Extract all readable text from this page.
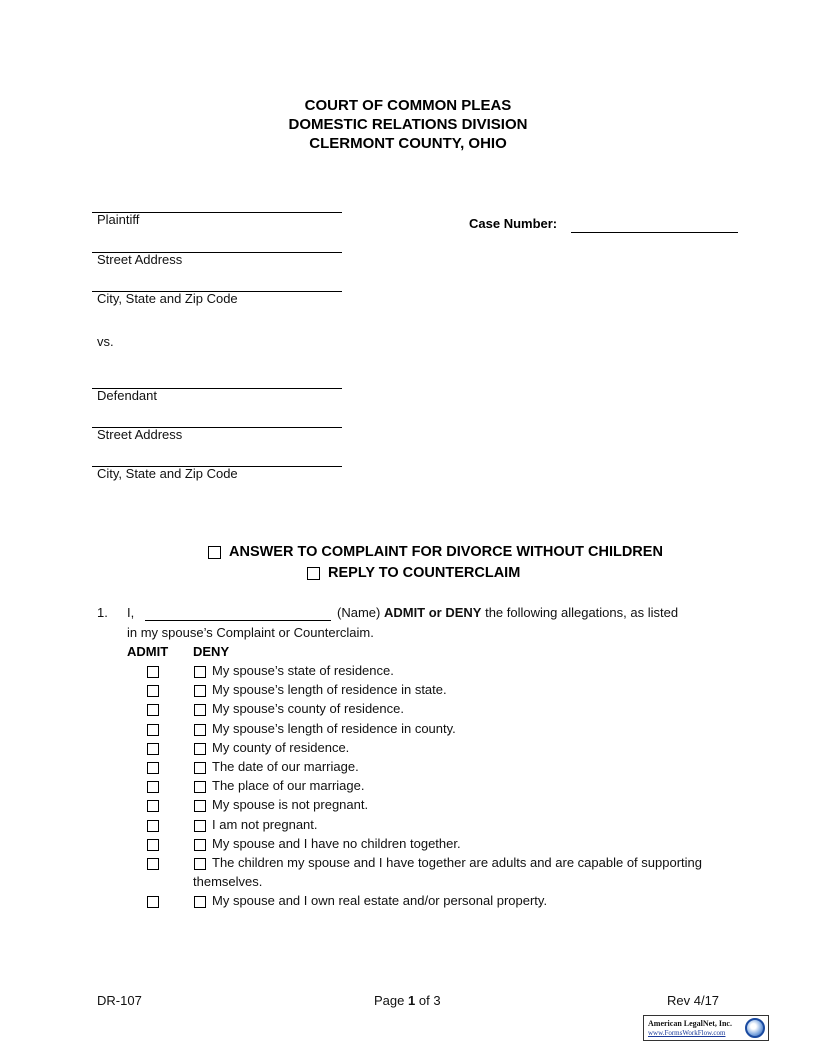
COURT OF COMMON PLEAS
DOMESTIC RELATIONS DIVISION
CLERMONT COUNTY, OHIO
Plaintiff
Street Address
City, State and Zip Code
vs.
Defendant
Street Address
City, State and Zip Code
Case Number:
ANSWER TO COMPLAINT FOR DIVORCE WITHOUT CHILDREN
REPLY TO COUNTERCLAIM
1. I,	(Name) ADMIT or DENY the following allegations, as listed
in my spouse’s Complaint or Counterclaim.
ADMIT DENY
My spouse’s state of residence.
My spouse’s length of residence in state.
My spouse’s county of residence.
My spouse’s length of residence in county.
My county of residence.
The date of our marriage.
The place of our marriage.
My spouse is not pregnant.
I am not pregnant.
My spouse and I have no children together.
The children my spouse and I have together are adults and are capable of supporting
themselves.
My spouse and I own real estate and/or personal property.
DR-107	Page 1 of 3	Rev 4/17
American LegalNet, Inc.
www.FormsWorkFlow.com
